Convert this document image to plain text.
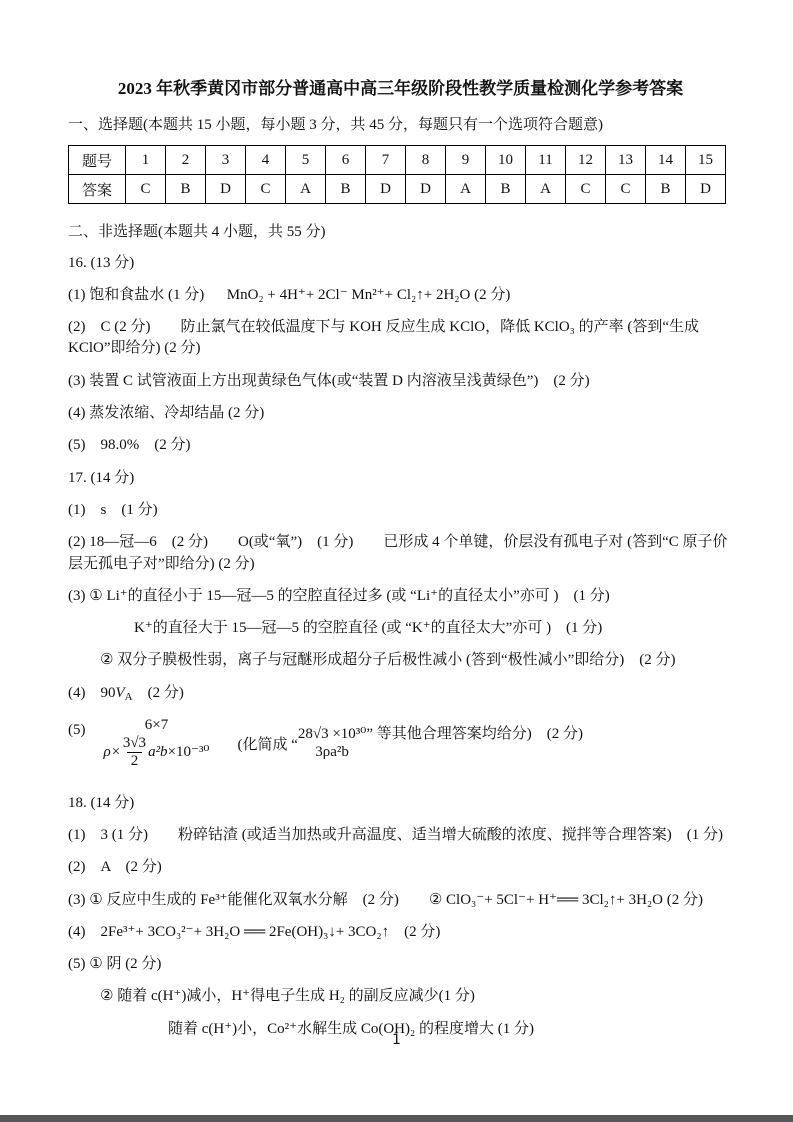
2023 年秋季黄冈市部分普通高中高三年级阶段性教学质量检测化学参考答案
一、选择题(本题共 15 小题，每小题 3 分，共 45 分，每题只有一个选项符合题意)
题号	1	2	3	4	5	6	7	8	9	10	11	12	13	14	15
答案	C	B	D	C	A	B	D	D	A	B	A	C	C	B	D
二、非选择题(本题共 4 小题，共 55 分)
16. (13 分)
(1) 饱和食盐水 (1 分)      MnO₂ + 4H⁺+ 2Cl⁻ Mn²⁺+ Cl₂↑+ 2H₂O (2 分)
(2)　C (2 分)　　防止氯气在较低温度下与 KOH 反应生成 KClO，降低 KClO₃ 的产率 (答到“生成 KClO”即给分) (2 分)
(3) 装置 C 试管液面上方出现黄绿色气体(或“装置 D 内溶液呈浅黄绿色”)　(2 分)
(4) 蒸发浓缩、冷却结晶 (2 分)
(5)　98.0%　(2 分)
17. (14 分)
(1)　s　(1 分)
(2) 18—冠—6　(2 分)　　O(或“氧”)　(1 分)　　已形成 4 个单键，价层没有孤电子对 (答到“C 原子价层无孤电子对”即给分) (2 分)
(3) ① Li⁺的直径小于 15—冠—5 的空腔直径过多 (或 “Li⁺的直径太小”亦可 )　(1 分)
K⁺的直径大于 15—冠—5 的空腔直径 (或 “K⁺的直径太大”亦可 )　(1 分)
② 双分子膜极性弱，离子与冠醚形成超分子后极性减小 (答到“极性减小”即给分)　(2 分)
(4)　$90V_A$　(2 分)
(5)	6×7
$\rho\times \frac{3√3}{2} a^2b \times 10^{-30}$ (化简成 “
28√3 ×10³⁰
3ρa²b
” 等其他合理答案均给分)　(2 分)
18. (14 分)
(1)　3 (1 分)　　粉碎钴渣 (或适当加热或升高温度、适当增大硫酸的浓度、搅拌等合理答案)　(1 分)
(2)　A　(2 分)
(3) ① 反应中生成的 Fe³⁺能催化双氧水分解　(2 分)　　② ClO₃⁻+ 5Cl⁻+ H⁺══ 3Cl₂↑+ 3H₂O (2 分)
(4)　2Fe³⁺+ 3CO₃²⁻+ 3H₂O ══ 2Fe(OH)₃↓+ 3CO₂↑　(2 分)
(5) ① 阴 (2 分)
② 随着 c(H⁺)减小，H⁺得电子生成 H₂ 的副反应减少(1 分)
随着 c(H⁺)小，Co²⁺水解生成 Co(OH)₂ 的程度增大 (1 分)
1
